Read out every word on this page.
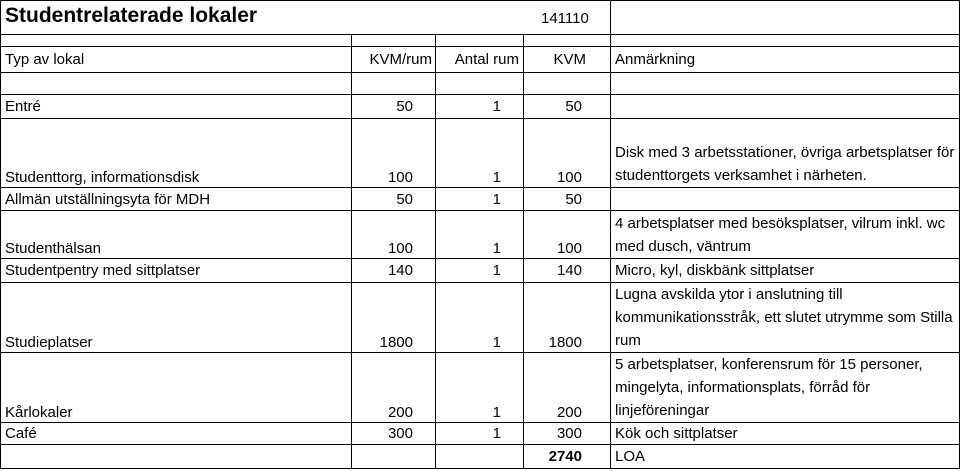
Studentrelaterade lokaler 141110				

Typ av lokal	KVM/rum	Antal rum	KVM	Anmärkning

Entré	50	1	50	
Studenttorg, informationsdisk	100	1	100	Disk med 3 arbetsstationer, övriga arbetsplatser för studenttorgets verksamhet i närheten.
Allmän utställningsyta för MDH	50	1	50	
Studenthälsan	100	1	100	4 arbetsplatser med besöksplatser, vilrum inkl. wc med dusch, väntrum
Studentpentry med sittplatser	140	1	140	Micro, kyl, diskbänk sittplatser
Studieplatser	1800	1	1800	Lugna avskilda ytor i anslutning till kommunikationsstråk, ett slutet utrymme som Stilla rum
Kårlokaler	200	1	200	5 arbetsplatser, konferensrum för 15 personer, mingelyta, informationsplats, förråd för linjeföreningar
Café	300	1	300	Kök och sittplatser
			2740	LOA
